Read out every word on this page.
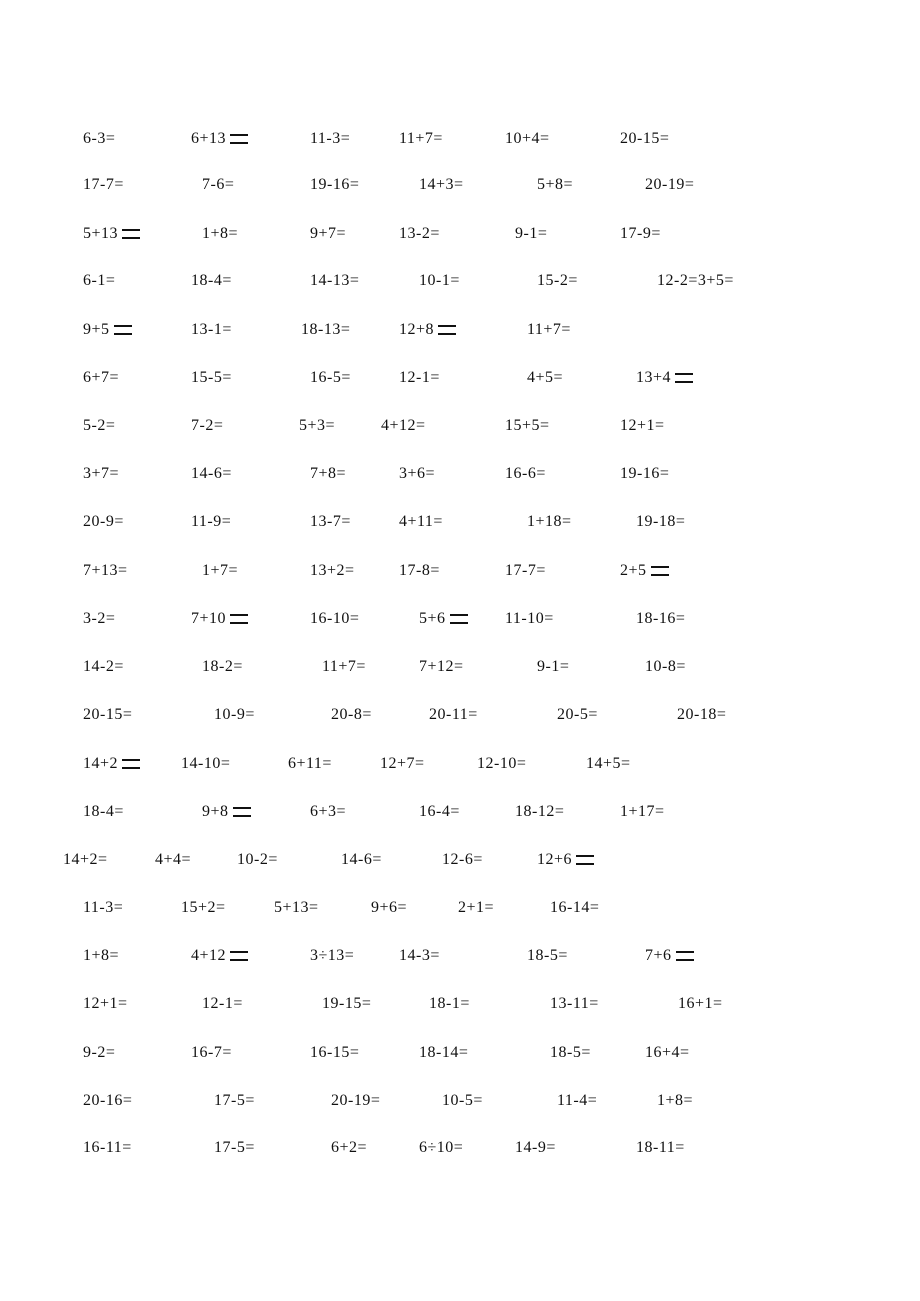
6-3=	6+13	11-3=	11+7=	10+4=	20-15=
17-7=	7-6=	19-16=	14+3=	5+8=	20-19=
5+13	1+8=	9+7=	13-2=	9-1=	17-9=
6-1=	18-4=	14-13=	10-1=	15-2=	12-2=3+5=
9+5	13-1=	18-13=	12+8	11+7=
6+7=	15-5=	16-5=	12-1=	4+5=	13+4
5-2=	7-2=	5+3=	4+12=	15+5=	12+1=
3+7=	14-6=	7+8=	3+6=	16-6=	19-16=
20-9=	11-9=	13-7=	4+11=	1+18=	19-18=
7+13=	1+7=	13+2=	17-8=	17-7=	2+5
3-2=	7+10	16-10=	5+6	11-10=	18-16=
14-2=	18-2=	11+7=	7+12=	9-1=	10-8=
20-15=	10-9=	20-8=	20-11=	20-5=	20-18=
14+2	14-10=	6+11=	12+7=	12-10=	14+5=
18-4=	9+8	6+3=	16-4=	18-12=	1+17=
14+2=	4+4=	10-2=	14-6=	12-6=	12+6
11-3=	15+2=	5+13=	9+6=	2+1=	16-14=
1+8=	4+12	3÷13=	14-3=	18-5=	7+6
12+1=	12-1=	19-15=	18-1=	13-11=	16+1=
9-2=	16-7=	16-15=	18-14=	18-5=	16+4=
20-16=	17-5=	20-19=	10-5=	11-4=	1+8=
16-11=	17-5=	6+2=	6÷10=	14-9=	18-11=
